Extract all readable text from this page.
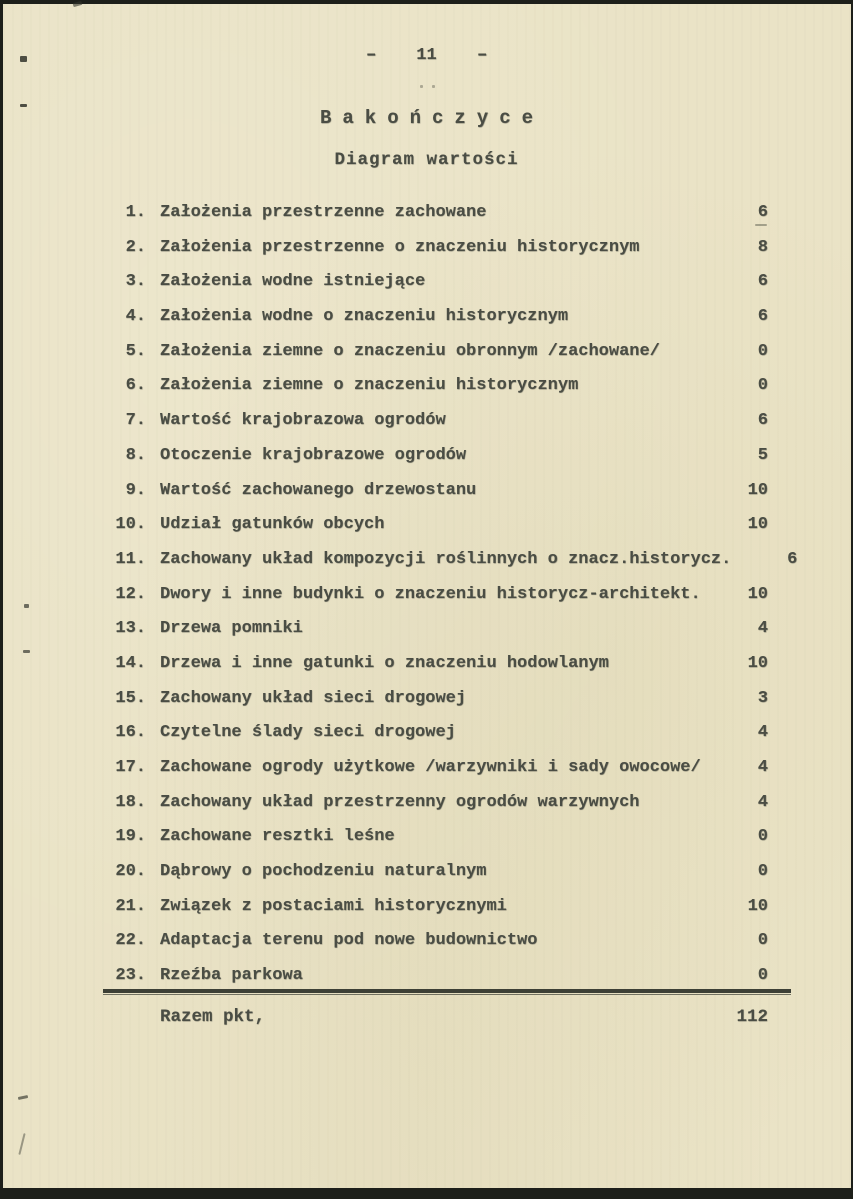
- 11 -
Bakończyce
Diagram wartości
1. Założenia przestrzenne zachowane	6
2. Założenia przestrzenne o znaczeniu historycznym	8
3. Założenia wodne istniejące	6
4. Założenia wodne o znaczeniu historycznym	6
5. Założenia ziemne o znaczeniu obronnym /zachowane/	0
6. Założenia ziemne o znaczeniu historycznym	0
7. Wartość krajobrazowa ogrodów	6
8. Otoczenie krajobrazowe ogrodów	5
9. Wartość zachowanego drzewostanu	10
10. Udział gatunków obcych	10
11. Zachowany układ kompozycji roślinnych o znacz.historycz.	6
12. Dwory i inne budynki o znaczeniu historycz-architekt.	10
13. Drzewa pomniki	4
14. Drzewa i inne gatunki o znaczeniu hodowlanym	10
15. Zachowany układ sieci drogowej	3
16. Czytelne ślady sieci drogowej	4
17. Zachowane ogrody użytkowe /warzywniki i sady owocowe/	4
18. Zachowany układ przestrzenny ogrodów warzywnych	4
19. Zachowane resztki leśne	0
20. Dąbrowy o pochodzeniu naturalnym	0
21. Związek z postaciami historycznymi	10
22. Adaptacja terenu pod nowe budownictwo	0
23. Rzeźba parkowa	0
Razem pkt,	112
